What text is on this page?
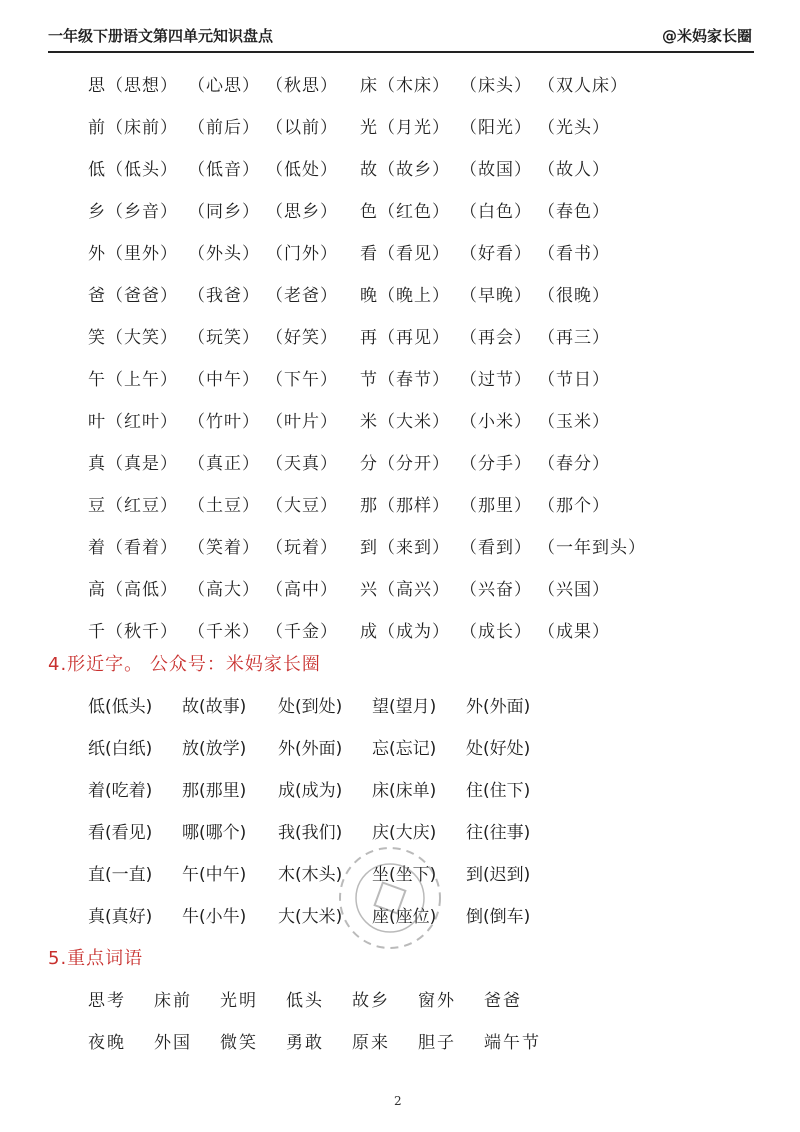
一年级下册语文第四单元知识盘点	@米妈家长圈
思 （思想） （心思） （秋思）	床 （木床） （床头） （双人床）
前 （床前） （前后） （以前）	光 （月光） （阳光） （光头）
低 （低头） （低音） （低处）	故 （故乡） （故国） （故人）
乡 （乡音） （同乡） （思乡）	色 （红色） （白色） （春色）
外 （里外） （外头） （门外）	看 （看见） （好看） （看书）
爸 （爸爸） （我爸） （老爸）	晚 （晚上） （早晚） （很晚）
笑 （大笑） （玩笑） （好笑）	再 （再见） （再会） （再三）
午 （上午） （中午） （下午）	节 （春节） （过节） （节日）
叶 （红叶） （竹叶） （叶片）	米 （大米） （小米） （玉米）
真 （真是） （真正） （天真）	分 （分开） （分手） （春分）
豆 （红豆） （土豆） （大豆）	那 （那样） （那里） （那个）
着 （看着） （笑着） （玩着）	到 （来到） （看到） （一年到头）
高 （高低） （高大） （高中）	兴 （高兴） （兴奋） （兴国）
千 （秋千） （千米） （千金）	成 （成为） （成长） （成果）
4.形近字。 公众号：米妈家长圈
低(低头)	故(故事)	处(到处)	望(望月)	外(外面)
纸(白纸)	放(放学)	外(外面)	忘(忘记)	处(好处)
着(吃着)	那(那里)	成(成为)	床(床单)	住(住下)
看(看见)	哪(哪个)	我(我们)	庆(大庆)	往(往事)
直(一直)	午(中午)	木(木头)	坐(坐下)	到(迟到)
真(真好)	牛(小牛)	大(大米)	座(座位)	倒(倒车)
5.重点词语
思考	床前	光明	低头	故乡	窗外	爸爸
夜晚	外国	微笑	勇敢	原来	胆子	端午节
2
